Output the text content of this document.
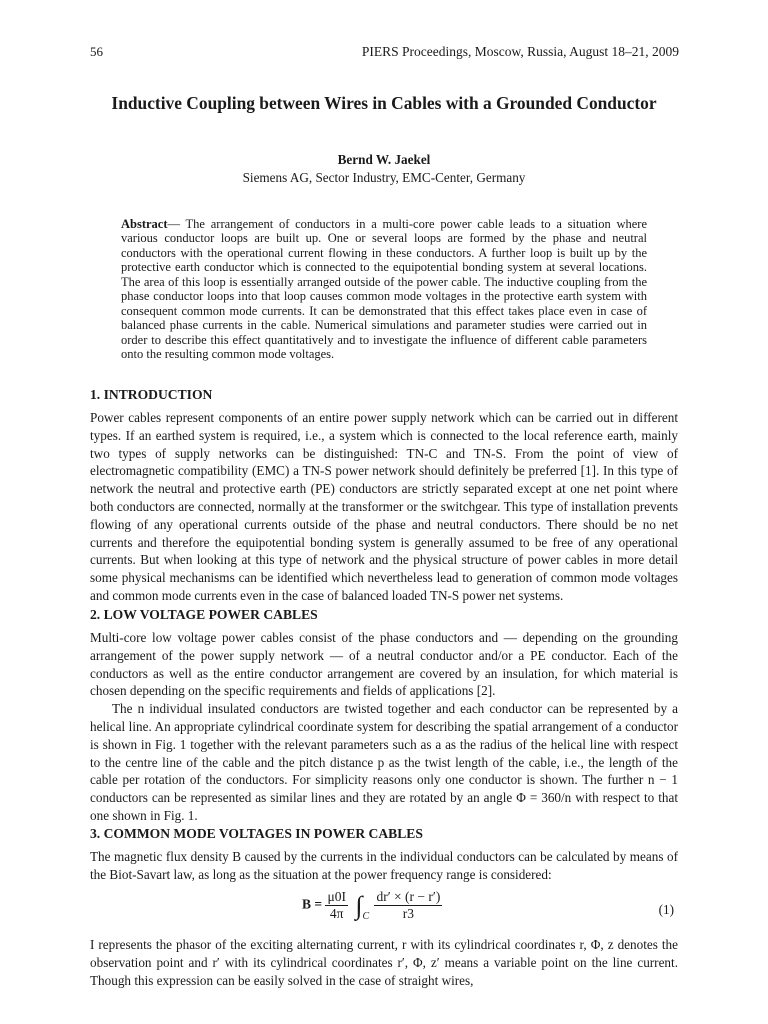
56	PIERS Proceedings, Moscow, Russia, August 18–21, 2009
Inductive Coupling between Wires in Cables with a Grounded Conductor
Bernd W. Jaekel
Siemens AG, Sector Industry, EMC-Center, Germany
Abstract— The arrangement of conductors in a multi-core power cable leads to a situation where various conductor loops are built up. One or several loops are formed by the phase and neutral conductors with the operational current flowing in these conductors. A further loop is built up by the protective earth conductor which is connected to the equipotential bonding system at several locations. The area of this loop is essentially arranged outside of the power cable. The inductive coupling from the phase conductor loops into that loop causes common mode voltages in the protective earth system with consequent common mode currents. It can be demonstrated that this effect takes place even in case of balanced phase currents in the cable. Numerical simulations and parameter studies were carried out in order to describe this effect quantitatively and to investigate the influence of different cable parameters onto the resulting common mode voltages.
1. INTRODUCTION

Power cables represent components of an entire power supply network which can be carried out in different types. If an earthed system is required, i.e., a system which is connected to the local reference earth, mainly two types of supply networks can be distinguished: TN-C and TN-S. From the point of view of electromagnetic compatibility (EMC) a TN-S power network should definitely be preferred [1]. In this type of network the neutral and protective earth (PE) conductors are strictly separated except at one net point where both conductors are connected, normally at the transformer or the switchgear. This type of installation prevents flowing of any operational currents outside of the phase and neutral conductors. There should be no net currents and therefore the equipotential bonding system is generally assumed to be free of any operational currents. But when looking at this type of network and the physical structure of power cables in more detail some physical mechanisms can be identified which nevertheless lead to generation of common mode voltages and common mode currents even in the case of balanced loaded TN-S power net systems.

2. LOW VOLTAGE POWER CABLES

Multi-core low voltage power cables consist of the phase conductors and — depending on the grounding arrangement of the power supply network — of a neutral conductor and/or a PE conductor. Each of the conductors as well as the entire conductor arrangement are covered by an insulation, for which material is chosen depending on the specific requirements and fields of applications [2].

The n individual insulated conductors are twisted together and each conductor can be represented by a helical line. An appropriate cylindrical coordinate system for describing the spatial arrangement of a conductor is shown in Fig. 1 together with the relevant parameters such as a as the radius of the helical line with respect to the centre line of the cable and the pitch distance p as the twist length of the cable, i.e., the length of the cable per rotation of the conductors. For simplicity reasons only one conductor is shown. The further n − 1 conductors can be represented as similar lines and they are rotated by an angle Φ = 360/n with respect to that one shown in Fig. 1.

3. COMMON MODE VOLTAGES IN POWER CABLES

The magnetic flux density B caused by the currents in the individual conductors can be calculated by means of the Biot-Savart law, as long as the situation at the power frequency range is considered:

$B = \frac{\mu 0I}{4\pi} \int_C \frac{dr' \times (r - r')}{r3}$	(1)

I represents the phasor of the exciting alternating current, r with its cylindrical coordinates r, Φ, z denotes the observation point and r′ with its cylindrical coordinates r′, Φ, z′ means a variable point on the line current. Though this expression can be easily solved in the case of straight wires,
